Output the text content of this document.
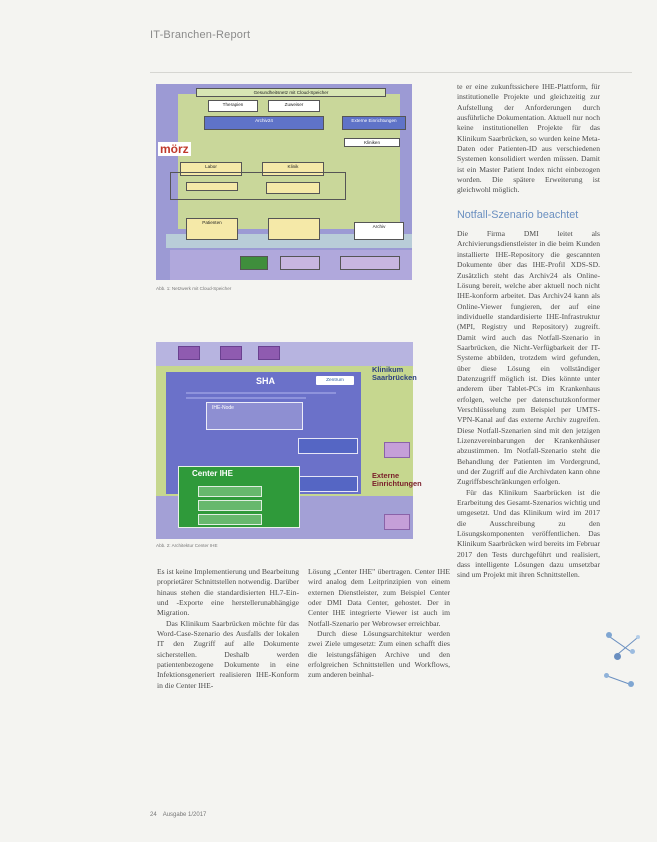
IT-Branchen-Report
Gesundheitsnetz mit Cloud-Speicher
Therapien	Zuweiser
Archiv24	Externe Einrichtungen
Kliniken
Labor	Klinik
Patienten
Archiv
mörz
Abb. 1: Netzwerk mit Cloud-Speicher
SHA	Zentrum
IHE-Node
Center IHE
Klinikum Saarbrücken
Externe Einrichtungen
Abb. 2: Architektur Center IHE

Es ist keine Implementierung und Bearbeitung proprietärer Schnittstellen notwendig. Darüber hinaus stehen die standardisierten HL7-Ein- und -Exporte eine herstellerunabhängige Migration.

Das Klinikum Saarbrücken möchte für das Word-Case-Szenario des Ausfalls der lokalen IT den Zugriff auf alle Dokumente sicherstellen. Deshalb werden patientenbezogene Dokumente in eine Infektionsgeneriert realisieren IHE-Konform in die Center IHE-

Lösung „Center IHE" übertragen. Center IHE wird analog dem Leitprinzipien von einem externen Dienstleister, zum Beispiel Center oder DMI Data Center, gehostet. Der in Center IHE integrierte Viewer ist auch im Notfall-Szenario per Webrowser erreichbar.

Durch diese Lösungsarchitektur werden zwei Ziele umgesetzt: Zum einen schafft dies die leistungsfähigen Archive und den erfolgreichen Schnittstellen und Workflows, zum anderen beinhal-

te er eine zukunftssichere IHE-Plattform, für institutionelle Projekte und gleichzeitig zur Aufstellung der Anforderungen durch ausführliche Dokumentation. Aktuell nur noch keine institutionellen Projekte für das Klinikum Saarbrücken, so wurden keine Meta-Daten oder Patienten-ID aus verschiedenen Systemen konsolidiert werden müssen. Damit ist ein Master Patient Index nicht einbezogen worden. Die spätere Erweiterung ist gleichwohl möglich.

Notfall-Szenario beachtet

Die Firma DMI leitet als Archivierungsdienstleister in die beim Kunden installierte IHE-Repository die gescannten Dokumente über das IHE-Profil XDS-SD. Zusätzlich steht das Archiv24 als Online-Lösung bereit, welche aber aktuell noch nicht IHE-konform arbeitet. Das Archiv24 kann als Online-Viewer fungieren, der auf eine individuelle standardisierte IHE-Infrastruktur (MPI, Registry und Repository) zugreift. Damit wird auch das Notfall-Szenario in Saarbrücken, die Nicht-Verfügbarkeit der IT-Systeme abbilden, trotzdem wird gefunden, über diese Lösung ein vollständiger Datenzugriff möglich ist. Dies könnte unter anderem über Tablet-PCs im Krankenhaus erfolgen, welche per datenschutzkonformer Verschlüsselung zum Beispiel per UMTS-VPN-Kanal auf das externe Archiv zugreifen. Diese Notfall-Szenarien sind mit den jetzigen Lizenzvereinbarungen der Krankenhäuser abzustimmen. Im Notfall-Szenario steht die Behandlung der Patienten im Vordergrund, und der Zugriff auf die Archivdaten kann ohne Zugriffsbeschränkungen erfolgen.

Für das Klinikum Saarbrücken ist die Erarbeitung des Gesamt-Szenarios wichtig und umgesetzt. Und das Klinikum wird im 2017 die Ausschreibung zu den Lösungskomponenten veröffentlichen. Das Klinikum Saarbrücken wird bereits im Februar 2017 den Tests durchgeführt und realisiert, dass intelligente Lösungen dazu umsetzbar sind um Projekt mit ihren Schnittstellen.

24 Ausgabe 1/2017
